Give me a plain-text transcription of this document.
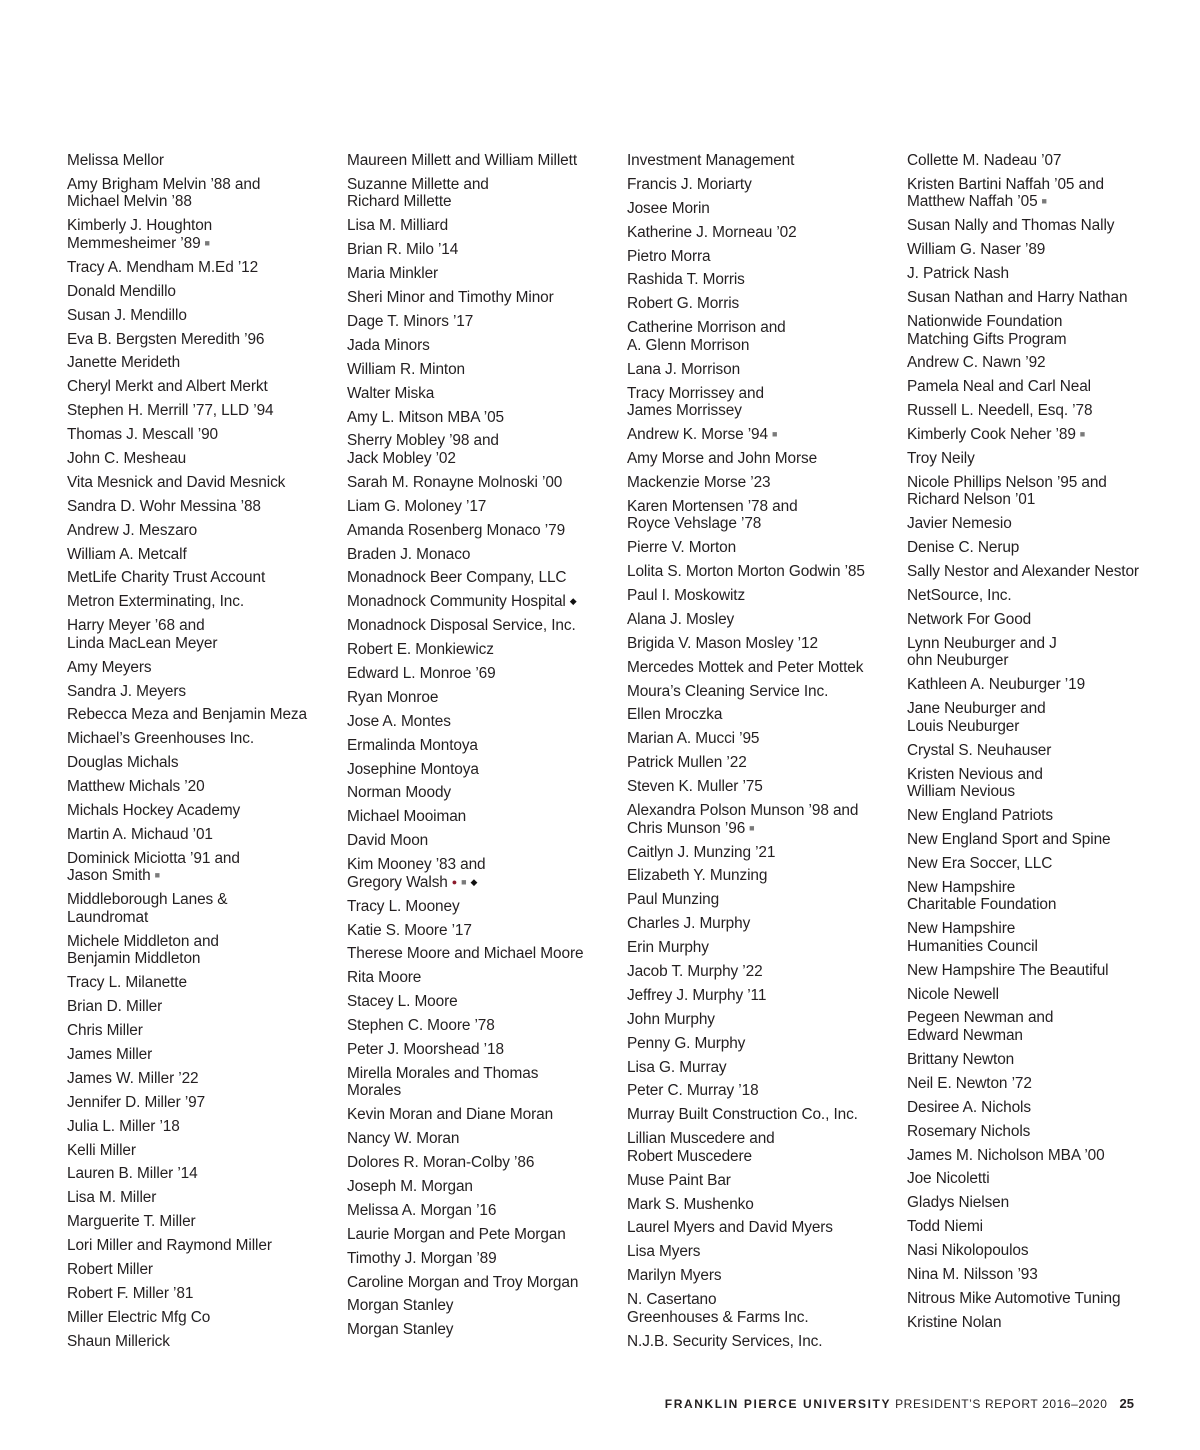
Melissa Mellor
Amy Brigham Melvin ’88 and
Michael Melvin ’88
Kimberly J. Houghton
Memmesheimer ’89 ■
Tracy A. Mendham M.Ed ’12
Donald Mendillo
Susan J. Mendillo
Eva B. Bergsten Meredith ’96
Janette Merideth
Cheryl Merkt and Albert Merkt
Stephen H. Merrill ’77, LLD ’94
Thomas J. Mescall ’90
John C. Mesheau
Vita Mesnick and David Mesnick
Sandra D. Wohr Messina ’88
Andrew J. Meszaro
William A. Metcalf
MetLife Charity Trust Account
Metron Exterminating, Inc.
Harry Meyer ’68 and
Linda MacLean Meyer
Amy Meyers
Sandra J. Meyers
Rebecca Meza and Benjamin Meza
Michael’s Greenhouses Inc.
Douglas Michals
Matthew Michals ’20
Michals Hockey Academy
Martin A. Michaud ’01
Dominick Miciotta ’91 and
Jason Smith ■
Middleborough Lanes &
Laundromat
Michele Middleton and
Benjamin Middleton
Tracy L. Milanette
Brian D. Miller
Chris Miller
James Miller
James W. Miller ’22
Jennifer D. Miller ’97
Julia L. Miller ’18
Kelli Miller
Lauren B. Miller ’14
Lisa M. Miller
Marguerite T. Miller
Lori Miller and Raymond Miller
Robert Miller
Robert F. Miller ’81
Miller Electric Mfg Co
Shaun Millerick
Maureen Millett and William Millett
Suzanne Millette and
Richard Millette
Lisa M. Milliard
Brian R. Milo ’14
Maria Minkler
Sheri Minor and Timothy Minor
Dage T. Minors ’17
Jada Minors
William R. Minton
Walter Miska
Amy L. Mitson MBA ’05
Sherry Mobley ’98 and
Jack Mobley ’02
Sarah M. Ronayne Molnoski ’00
Liam G. Moloney ’17
Amanda Rosenberg Monaco ’79
Braden J. Monaco
Monadnock Beer Company, LLC
Monadnock Community Hospital ◆
Monadnock Disposal Service, Inc.
Robert E. Monkiewicz
Edward L. Monroe ’69
Ryan Monroe
Jose A. Montes
Ermalinda Montoya
Josephine Montoya
Norman Moody
Michael Mooiman
David Moon
Kim Mooney ’83 and
Gregory Walsh ● ■ ◆
Tracy L. Mooney
Katie S. Moore ’17
Therese Moore and Michael Moore
Rita Moore
Stacey L. Moore
Stephen C. Moore ’78
Peter J. Moorshead ’18
Mirella Morales and Thomas
Morales
Kevin Moran and Diane Moran
Nancy W. Moran
Dolores R. Moran-Colby ’86
Joseph M. Morgan
Melissa A. Morgan ’16
Laurie Morgan and Pete Morgan
Timothy J. Morgan ’89
Caroline Morgan and Troy Morgan
Morgan Stanley
Morgan Stanley
Investment Management
Francis J. Moriarty
Josee Morin
Katherine J. Morneau ’02
Pietro Morra
Rashida T. Morris
Robert G. Morris
Catherine Morrison and
A. Glenn Morrison
Lana J. Morrison
Tracy Morrissey and
James Morrissey
Andrew K. Morse ’94 ■
Amy Morse and John Morse
Mackenzie Morse ’23
Karen Mortensen ’78 and
Royce Vehslage ’78
Pierre V. Morton
Lolita S. Morton Morton Godwin ’85
Paul I. Moskowitz
Alana J. Mosley
Brigida V. Mason Mosley ’12
Mercedes Mottek and Peter Mottek
Moura’s Cleaning Service Inc.
Ellen Mroczka
Marian A. Mucci ’95
Patrick Mullen ’22
Steven K. Muller ’75
Alexandra Polson Munson ’98 and
Chris Munson ’96 ■
Caitlyn J. Munzing ’21
Elizabeth Y. Munzing
Paul Munzing
Charles J. Murphy
Erin Murphy
Jacob T. Murphy ’22
Jeffrey J. Murphy ’11
John Murphy
Penny G. Murphy
Lisa G. Murray
Peter C. Murray ’18
Murray Built Construction Co., Inc.
Lillian Muscedere and
Robert Muscedere
Muse Paint Bar
Mark S. Mushenko
Laurel Myers and David Myers
Lisa Myers
Marilyn Myers
N. Casertano
Greenhouses & Farms Inc.
N.J.B. Security Services, Inc.
Collette M. Nadeau ’07
Kristen Bartini Naffah ’05 and
Matthew Naffah ’05 ■
Susan Nally and Thomas Nally
William G. Naser ’89
J. Patrick Nash
Susan Nathan and Harry Nathan
Nationwide Foundation
Matching Gifts Program
Andrew C. Nawn ’92
Pamela Neal and Carl Neal
Russell L. Needell, Esq. ’78
Kimberly Cook Neher ’89 ■
Troy Neily
Nicole Phillips Nelson ’95 and
Richard Nelson ’01
Javier Nemesio
Denise C. Nerup
Sally Nestor and Alexander Nestor
NetSource, Inc.
Network For Good
Lynn Neuburger and J
ohn Neuburger
Kathleen A. Neuburger ’19
Jane Neuburger and
Louis Neuburger
Crystal S. Neuhauser
Kristen Nevious and
William Nevious
New England Patriots
New England Sport and Spine
New Era Soccer, LLC
New Hampshire
Charitable Foundation
New Hampshire
Humanities Council
New Hampshire The Beautiful
Nicole Newell
Pegeen Newman and
Edward Newman
Brittany Newton
Neil E. Newton ’72
Desiree A. Nichols
Rosemary Nichols
James M. Nicholson MBA ’00
Joe Nicoletti
Gladys Nielsen
Todd Niemi
Nasi Nikolopoulos
Nina M. Nilsson ’93
Nitrous Mike Automotive Tuning
Kristine Nolan
FRANKLIN PIERCE UNIVERSITY PRESIDENT’S REPORT 2016–2020 25
